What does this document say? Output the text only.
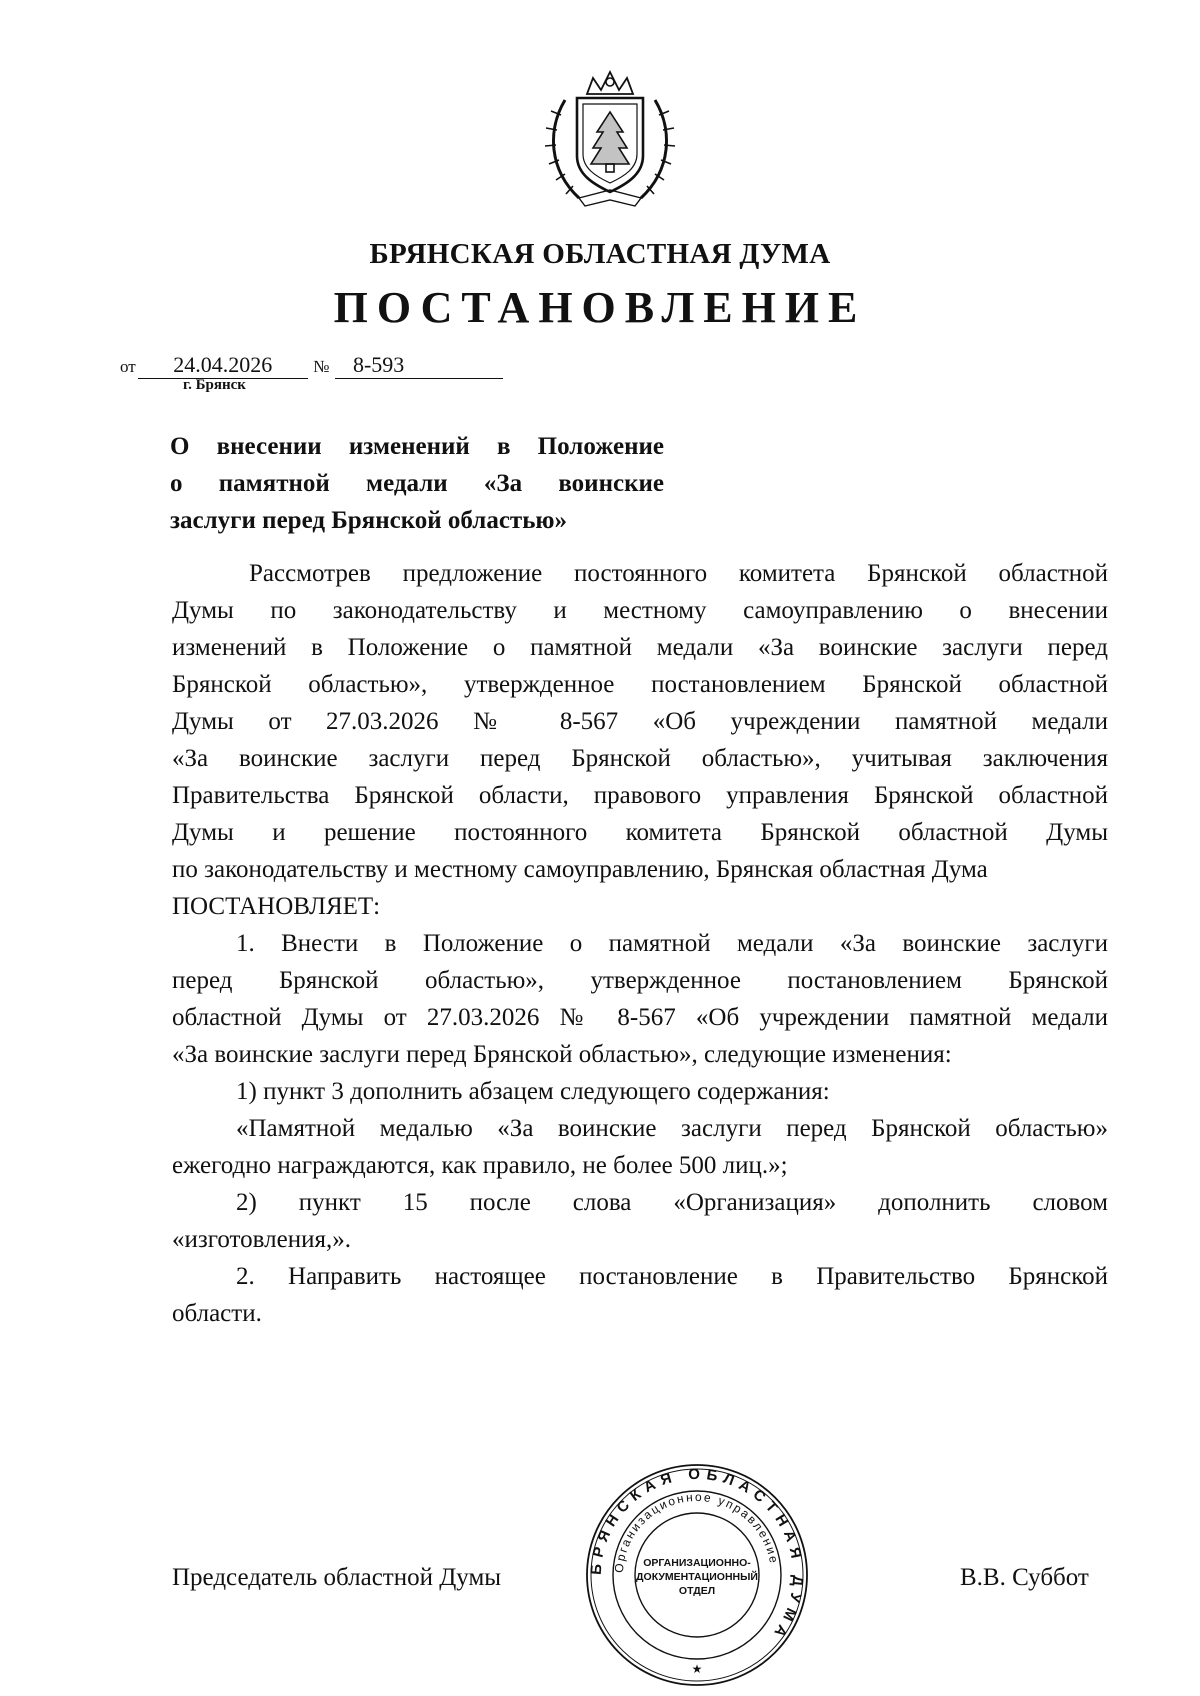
БРЯНСКАЯ ОБЛАСТНАЯ ДУМА
ПОСТАНОВЛЕНИЕ
от 24.04.2026 № 8-593
г. Брянск
О внесении изменений в Положение
о памятной медали «За воинские
заслуги перед Брянской областью»
Рассмотрев предложение постоянного комитета Брянской областной
Думы по законодательству и местному самоуправлению о внесении
изменений в Положение о памятной медали «За воинские заслуги перед
Брянской областью», утвержденное постановлением Брянской областной
Думы от 27.03.2026 № 8-567 «Об учреждении памятной медали
«За воинские заслуги перед Брянской областью», учитывая заключения
Правительства Брянской области, правового управления Брянской областной
Думы и решение постоянного комитета Брянской областной Думы
по законодательству и местному самоуправлению, Брянская областная Дума
ПОСТАНОВЛЯЕТ:
1. Внести в Положение о памятной медали «За воинские заслуги
перед Брянской областью», утвержденное постановлением Брянской
областной Думы от 27.03.2026 № 8-567 «Об учреждении памятной медали
«За воинские заслуги перед Брянской областью», следующие изменения:
1) пункт 3 дополнить абзацем следующего содержания:
«Памятной медалью «За воинские заслуги перед Брянской областью»
ежегодно награждаются, как правило, не более 500 лиц.»;
2) пункт 15 после слова «Организация» дополнить словом
«изготовления,».
2. Направить настоящее постановление в Правительство Брянской
области.
Председатель областной Думы	В.В. Суббот
БРЯНСКАЯ ОБЛАСТНАЯ ДУМА
Организационное управление
ОРГАНИЗАЦИОННО-
ДОКУМЕНТАЦИОННЫЙ
ОТДЕЛ
★
